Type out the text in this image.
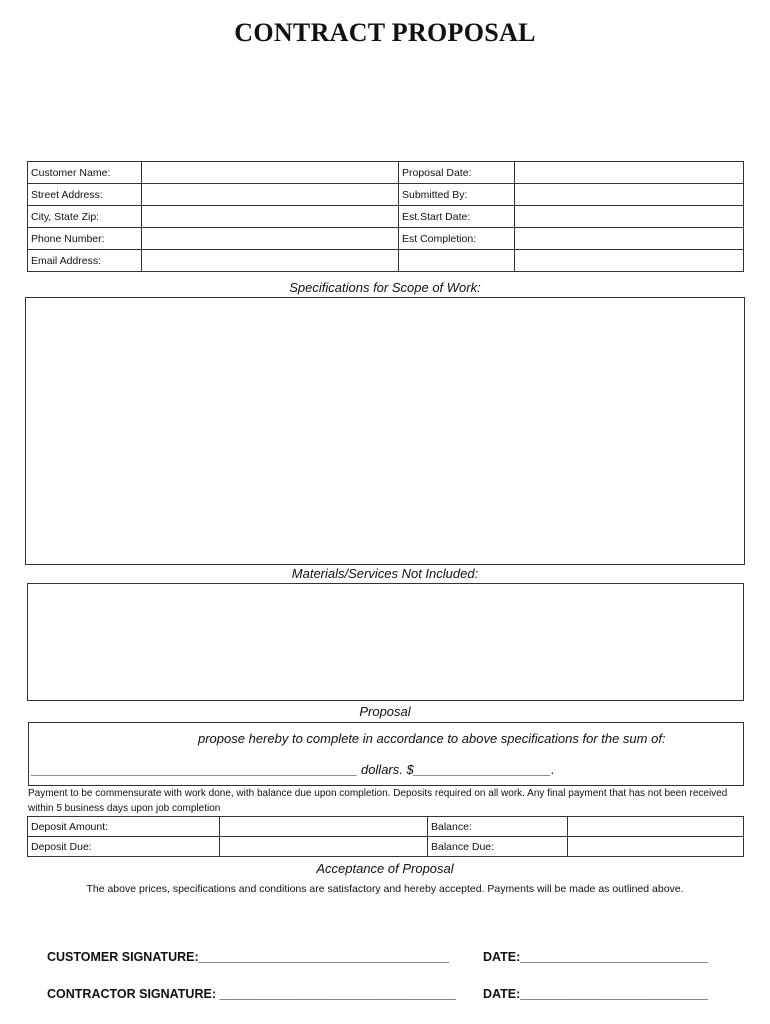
CONTRACT PROPOSAL
Customer Name:		Proposal Date:	
Street Address:		Submitted By:	
City, State Zip:		Est.Start Date:	
Phone Number:		Est Completion:	
Email Address:			
Specifications for Scope of Work:
Materials/Services Not Included:
Proposal
propose hereby to complete in accordance to above specifications for the sum of:
_____________________________________________ dollars. $___________________.
Payment to be commensurate with work done, with balance due upon completion. Deposits required on all work. Any final payment that has not been received within 5 business days upon job completion
Deposit Amount:		Balance:	
Deposit Due:		Balance Due:	
Acceptance of Proposal
The above prices, specifications and conditions are satisfactory and hereby accepted. Payments will be made as outlined above.
CUSTOMER SIGNATURE:____________________________________	DATE:___________________________
CONTRACTOR SIGNATURE: __________________________________ DATE:___________________________
